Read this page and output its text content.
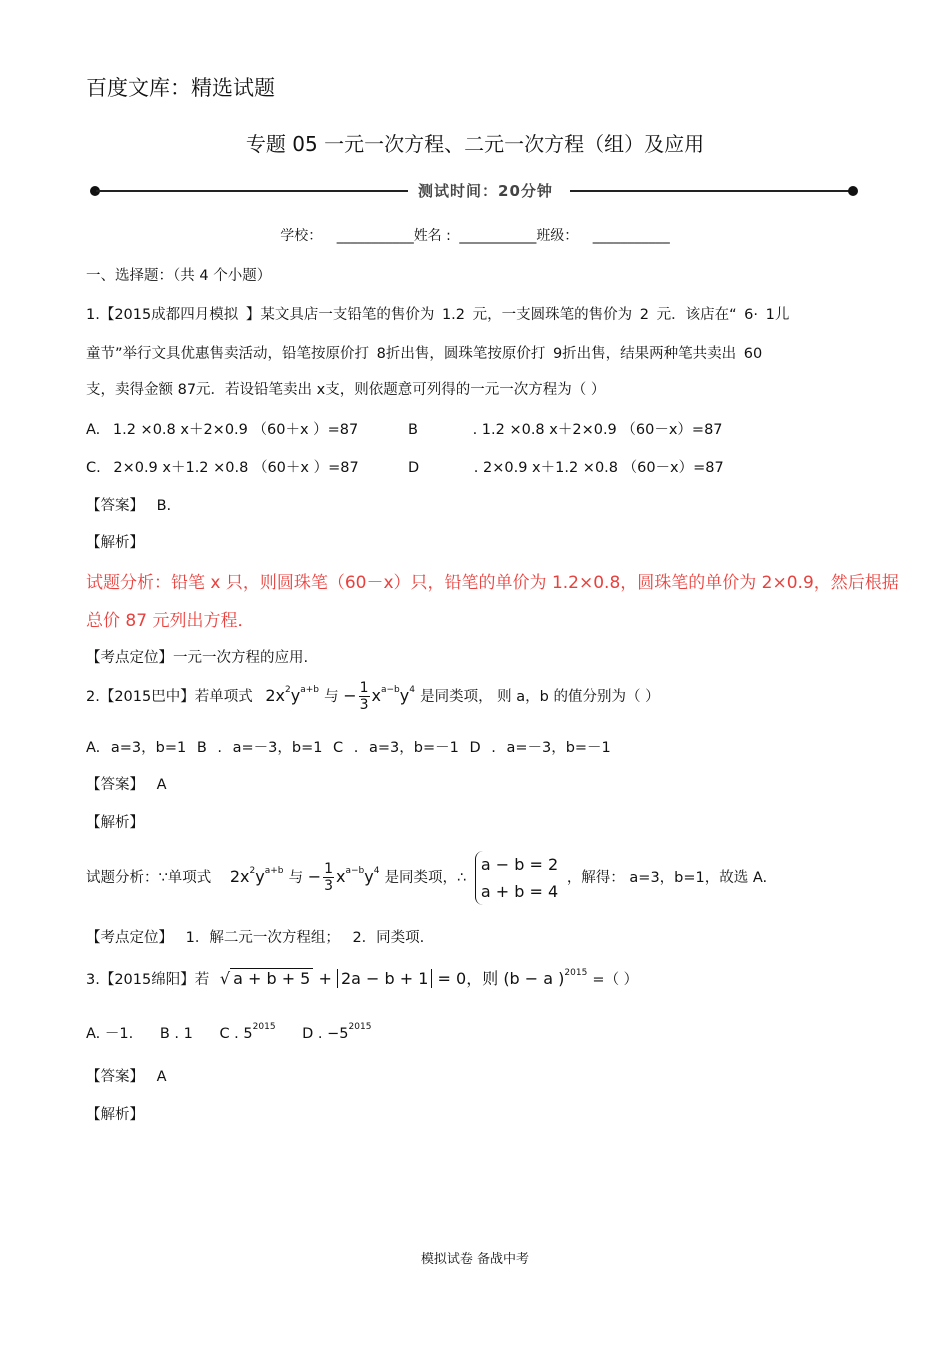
百度文库：精选试题
专题 05 一元一次方程、二元一次方程（组）及应用
测试时间：20分钟
学校： ___________姓名 : ___________班级： ___________
一、选择题：（共 4 个小题）
1.【2015成都四月模拟 】某文具店一支铅笔的售价为 1.2 元，一支圆珠笔的售价为 2 元．该店在“ 6· 1儿
童节”举行文具优惠售卖活动，铅笔按原价打 8折出售，圆珠笔按原价打 9折出售，结果两种笔共卖出 60
支，卖得金额 87元．若设铅笔卖出 x支，则依题意可列得的一元一次方程为（ ）
A. 1.2 ×0.8 x＋2×0.9 （60＋x ）=87	B	. 1.2 ×0.8 x＋2×0.9 （60－x）=87
C. 2×0.9 x＋1.2 ×0.8 （60＋x ）=87	D	. 2×0.9 x＋1.2 ×0.8 （60－x）=87
【答案】 B.
【解析】
试题分析：铅笔 x 只，则圆珠笔（60－x）只，铅笔的单价为 1.2×0.8，圆珠笔的单价为 2×0.9，然后根据
总价 87 元列出方程．
【考点定位】一元一次方程的应用.
2.【2015巴中】若单项式 $2x^2y^{a+b}$ 与 − $\frac{1}{3} x^{a-b}y^4$ 是同类项， 则 a，b 的值分别为（ ）
A. a=3，b=1 B . a=－3，b=1 C . a=3，b=－1 D . a=－3，b=－1
【答案】 A
【解析】
试题分析：∵单项式 $2x^2y^{a+b}$ 与 − $\frac{1}{3} x^{a-b}y^4$ 是同类项，∴
a − b = 2
a + b = 4
，解得： a=3，b=1，故选 A.
【考点定位】 1．解二元一次方程组； 2．同类项.
3.【2015绵阳】若 √ a + b + 5 + 2a − b + 1 = 0，则 (b − a )$^{2015}$ =（ ）
A. －1. B . 1 C . $5^{2015}$ D . $-5^{2015}$
【答案】 A
【解析】
模拟试卷 备战中考
